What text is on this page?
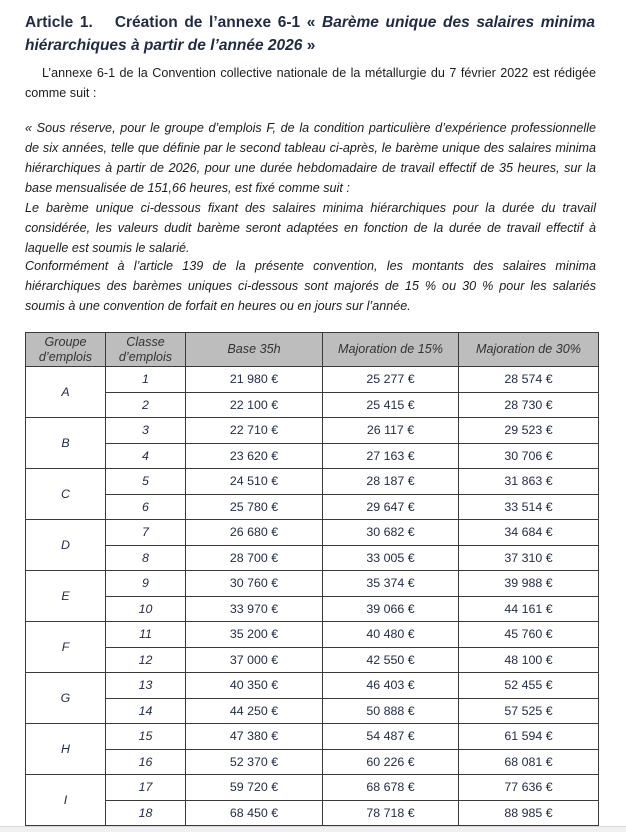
Article 1. Création de l’annexe 6-1 « Barème unique des salaires minima hiérarchiques à partir de l’année 2026 »
L’annexe 6-1 de la Convention collective nationale de la métallurgie du 7 février 2022 est rédigée comme suit :
« Sous réserve, pour le groupe d’emplois F, de la condition particulière d’expérience professionnelle de six années, telle que définie par le second tableau ci-après, le barème unique des salaires minima hiérarchiques à partir de 2026, pour une durée hebdomadaire de travail effectif de 35 heures, sur la base mensualisée de 151,66 heures, est fixé comme suit :
Le barème unique ci-dessous fixant des salaires minima hiérarchiques pour la durée du travail considérée, les valeurs dudit barème seront adaptées en fonction de la durée de travail effectif à laquelle est soumis le salarié.
Conformément à l’article 139 de la présente convention, les montants des salaires minima hiérarchiques des barèmes uniques ci-dessous sont majorés de 15 % ou 30 % pour les salariés soumis à une convention de forfait en heures ou en jours sur l’année.
Groupe d’emplois	Classe d’emplois	Base 35h	Majoration de 15%	Majoration de 30%
A	1	21 980 €	25 277 €	28 574 €
	2	22 100 €	25 415 €	28 730 €
B	3	22 710 €	26 117 €	29 523 €
	4	23 620 €	27 163 €	30 706 €
C	5	24 510 €	28 187 €	31 863 €
	6	25 780 €	29 647 €	33 514 €
D	7	26 680 €	30 682 €	34 684 €
	8	28 700 €	33 005 €	37 310 €
E	9	30 760 €	35 374 €	39 988 €
	10	33 970 €	39 066 €	44 161 €
F	11	35 200 €	40 480 €	45 760 €
	12	37 000 €	42 550 €	48 100 €
G	13	40 350 €	46 403 €	52 455 €
	14	44 250 €	50 888 €	57 525 €
H	15	47 380 €	54 487 €	61 594 €
	16	52 370 €	60 226 €	68 081 €
I	17	59 720 €	68 678 €	77 636 €
	18	68 450 €	78 718 €	88 985 €
